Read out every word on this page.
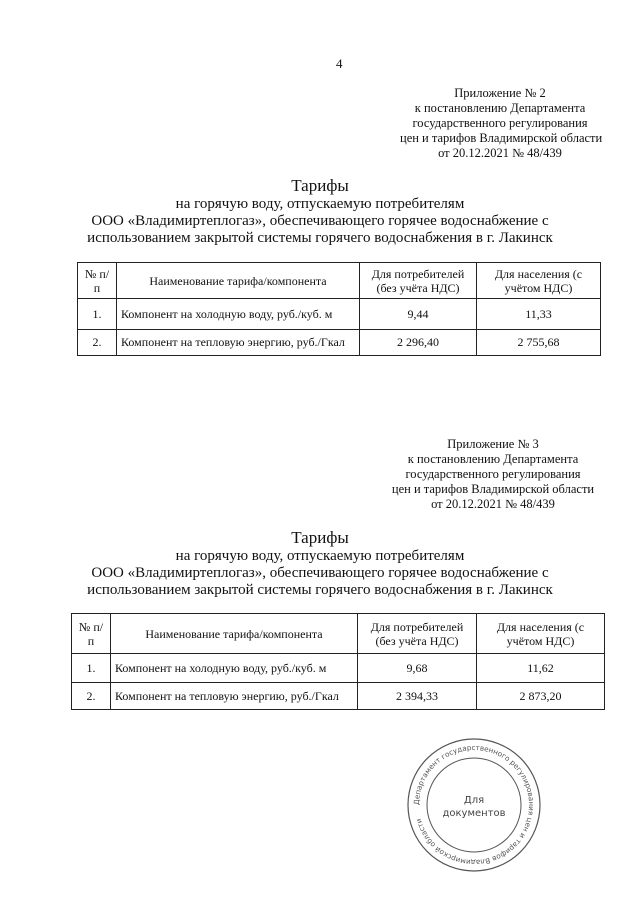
4
Приложение № 2
к постановлению Департамента
государственного регулирования
цен и тарифов Владимирской области
от 20.12.2021 № 48/439
Тарифы
на горячую воду, отпускаемую потребителям
ООО «Владимиртеплогаз», обеспечивающего горячее водоснабжение с
использованием закрытой системы горячего водоснабжения в г. Лакинск
№ п/п	Наименование тарифа/компонента	Для потребителей (без учёта НДС)	Для населения (с учётом НДС)
1.	Компонент на холодную воду, руб./куб. м	9,44	11,33
2.	Компонент на тепловую энергию, руб./Гкал	2 296,40	2 755,68
Приложение № 3
к постановлению Департамента
государственного регулирования
цен и тарифов Владимирской области
от 20.12.2021 № 48/439
Тарифы
на горячую воду, отпускаемую потребителям
ООО «Владимиртеплогаз», обеспечивающего горячее водоснабжение с
использованием закрытой системы горячего водоснабжения в г. Лакинск
№ п/п	Наименование тарифа/компонента	Для потребителей (без учёта НДС)	Для населения (с учётом НДС)
1.	Компонент на холодную воду, руб./куб. м	9,68	11,62
2.	Компонент на тепловую энергию, руб./Гкал	2 394,33	2 873,20
Департамент государственного регулирования цен и тарифов Владимирской области
Для
документов
